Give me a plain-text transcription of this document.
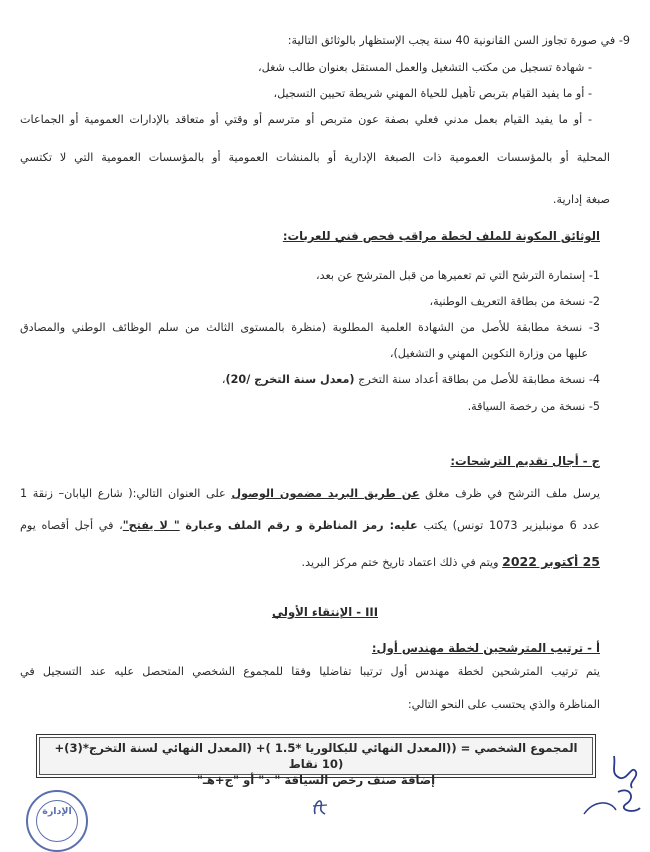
9- في صورة تجاوز السن القانونية 40 سنة يجب الإستظهار بالوثائق التالية:
- شهادة تسجيل من مكتب التشغيل والعمل المستقل بعنوان طالب شغل،
- أو ما يفيد القيام بتربص تأهيل للحياة المهني شريطة تحيين التسجيل،
- أو ما يفيد القيام بعمل مدني فعلي بصفة عون متربص أو مترسم أو وقتي أو متعاقد بالإدارات العمومية أو الجماعات
المحلية أو بالمؤسسات العمومية ذات الصبغة الإدارية أو بالمنشات العمومية أو بالمؤسسات العمومية التي لا تكتسي
صبغة إدارية.
الوثائق المكونة للملف لخطة مراقب فحص فني للعربات:
1- إستمارة الترشح التي تم تعميرها من قبل المترشح عن بعد،
2- نسخة من بطاقة التعريف الوطنية،
3- نسخة مطابقة للأصل من الشهادة العلمية المطلوبة (منظرة بالمستوى الثالث من سلم الوظائف الوطني والمصادق
عليها من وزارة التكوين المهني و التشغيل)،
4- نسخة مطابقة للأصل من بطاقة أعداد سنة التخرج (معدل سنة التخرج /20)،
5- نسخة من رخصة السياقة.
ج - أجال تقديم الترشحات:
يرسل ملف الترشح في ظرف مغلق عن طريق البريد مضمون الوصول على العنوان التالي:( شارع اليابان– زنقة 1
عدد 6 مونبليزير 1073 تونس) يكتب عليه: رمز المناظرة و رقم الملف وعبارة " لا يفتح"، في أجل أقصاه يوم
25 أكتوبر 2022 ويتم في ذلك اعتماد تاريخ ختم مركز البريد.
III - الإنتقاء الأولي
أ - ترتيب المترشحين لخطة مهندس أول:
يتم ترتيب المترشحين لخطة مهندس أول ترتيبا تفاضليا وفقا للمجموع الشخصي المتحصل عليه عند التسجيل في
المناظرة والذي يحتسب على النحو التالي:
المجموع الشخصي = ((المعدل النهائي للبكالوريا *1.5 )+ (المعدل النهائي لسنة التخرج*(3)+ (10 نقاط
إضافة صنف رخص السياقة " د" أو "ج+هـ"
الإدارة
